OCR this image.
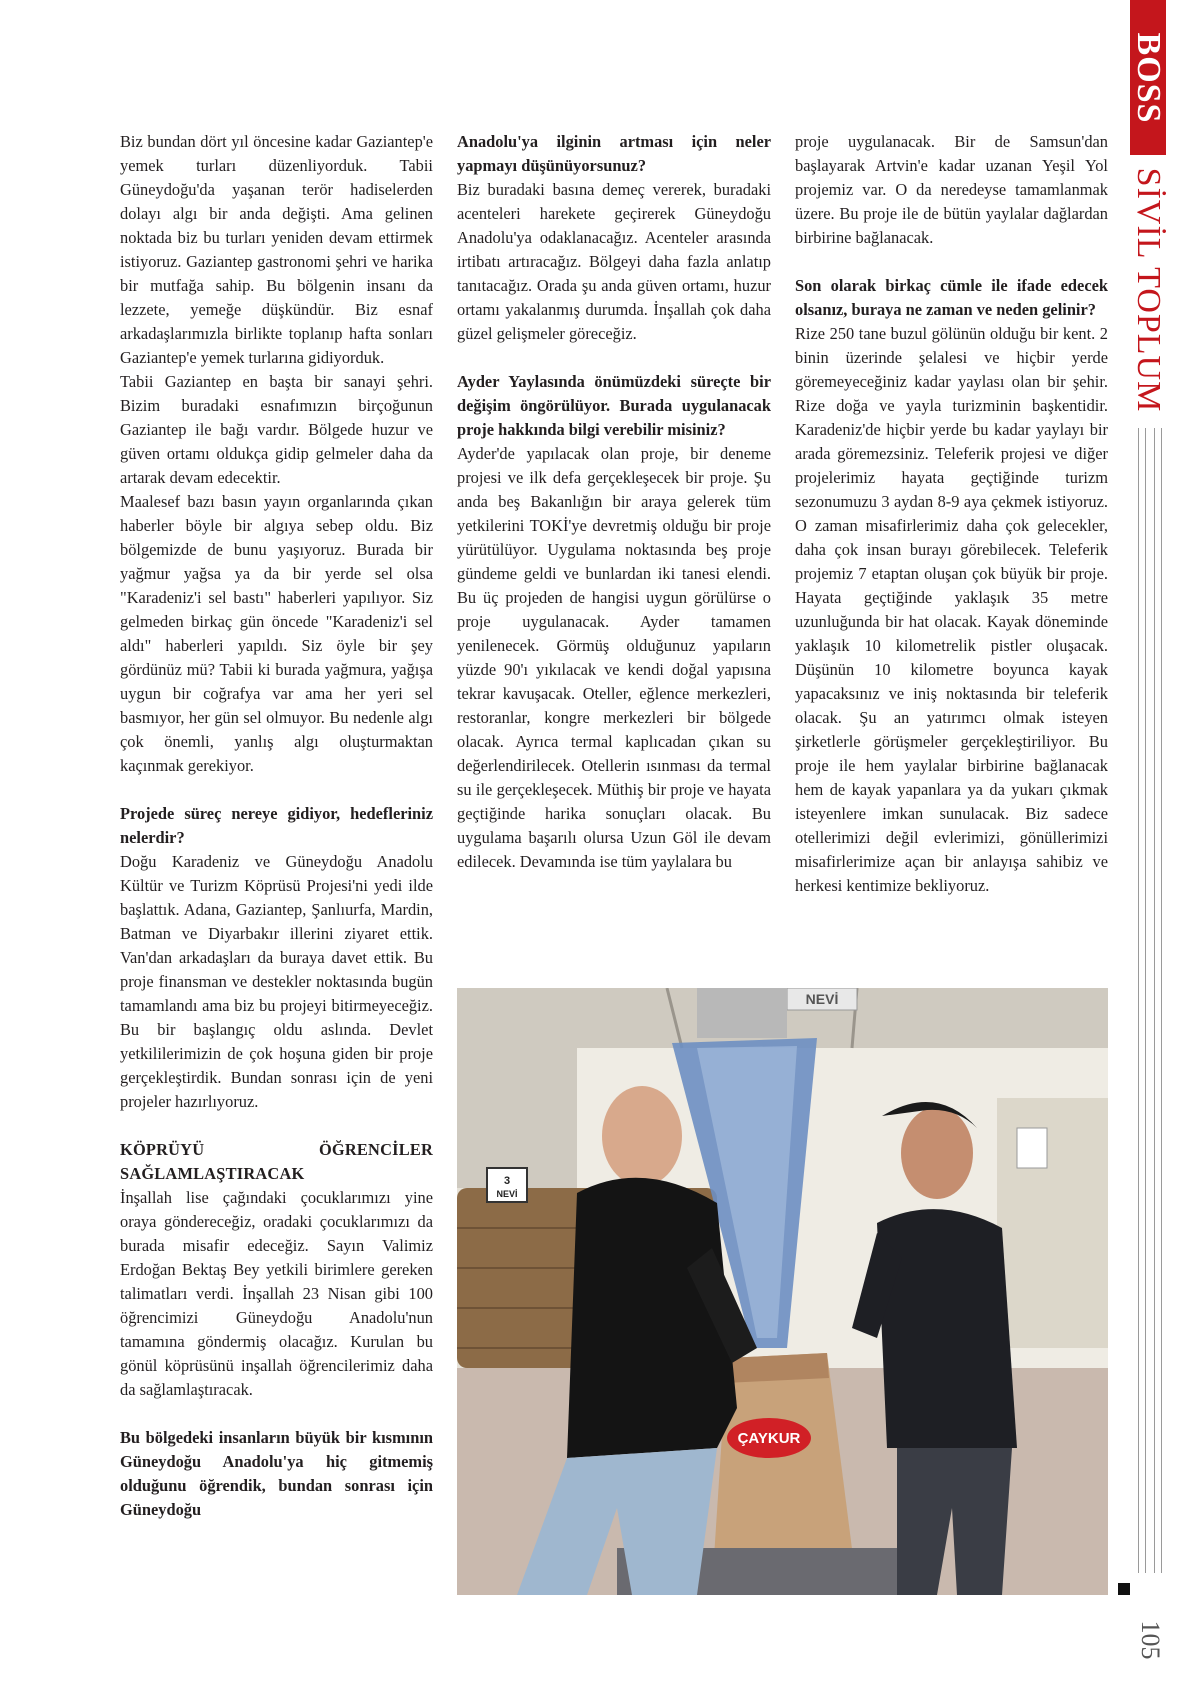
BOSS
SİVİL TOPLUM
105

Biz bundan dört yıl öncesine kadar Gaziantep'e yemek turları düzenliyorduk. Tabii Güneydoğu'da yaşanan terör hadiselerden dolayı algı bir anda değişti. Ama gelinen noktada biz bu turları yeniden devam ettirmek istiyoruz. Gaziantep gastronomi şehri ve harika bir mutfağa sahip. Bu bölgenin insanı da lezzete, yemeğe düşkündür. Biz esnaf arkadaşlarımızla birlikte toplanıp hafta sonları Gaziantep'e yemek turlarına gidiyorduk.

Tabii Gaziantep en başta bir sanayi şehri. Bizim buradaki esnafımızın birçoğunun Gaziantep ile bağı vardır. Bölgede huzur ve güven ortamı oldukça gidip gelmeler daha da artarak devam edecektir.

Maalesef bazı basın yayın organlarında çıkan haberler böyle bir algıya sebep oldu. Biz bölgemizde de bunu yaşıyoruz. Burada bir yağmur yağsa ya da bir yerde sel olsa "Karadeniz'i sel bastı" haberleri yapılıyor. Siz gelmeden birkaç gün öncede "Karadeniz'i sel aldı" haberleri yapıldı. Siz öyle bir şey gördünüz mü? Tabii ki burada yağmura, yağışa uygun bir coğrafya var ama her yeri sel basmıyor, her gün sel olmuyor. Bu nedenle algı çok önemli, yanlış algı oluşturmaktan kaçınmak gerekiyor.

Projede süreç nereye gidiyor, hedefleriniz nelerdir?

Doğu Karadeniz ve Güneydoğu Anadolu Kültür ve Turizm Köprüsü Projesi'ni yedi ilde başlattık. Adana, Gaziantep, Şanlıurfa, Mardin, Batman ve Diyarbakır illerini ziyaret ettik. Van'dan arkadaşları da buraya davet ettik. Bu proje finansman ve destekler noktasında bugün tamamlandı ama biz bu projeyi bitirmeyeceğiz. Bu bir başlangıç oldu aslında. Devlet yetkililerimizin de çok hoşuna giden bir proje gerçekleştirdik. Bundan sonrası için de yeni projeler hazırlıyoruz.

KÖPRÜYÜ ÖĞRENCİLER SAĞLAMLAŞTIRACAK

İnşallah lise çağındaki çocuklarımızı yine oraya göndereceğiz, oradaki çocuklarımızı da burada misafir edeceğiz. Sayın Valimiz Erdoğan Bektaş Bey yetkili birimlere gereken talimatları verdi. İnşallah 23 Nisan gibi 100 öğrencimizi Güneydoğu Anadolu'nun tamamına göndermiş olacağız. Kurulan bu gönül köprüsünü inşallah öğrencilerimiz daha da sağlamlaştıracak.

Bu bölgedeki insanların büyük bir kısmının Güneydoğu Anadolu'ya hiç gitmemiş olduğunu öğrendik, bundan sonrası için Güneydoğu
Anadolu'ya ilginin artması için neler yapmayı düşünüyorsunuz?

Biz buradaki basına demeç vererek, buradaki acenteleri harekete geçirerek Güneydoğu Anadolu'ya odaklanacağız. Acenteler arasında irtibatı artıracağız. Bölgeyi daha fazla anlatıp tanıtacağız. Orada şu anda güven ortamı, huzur ortamı yakalanmış durumda. İnşallah çok daha güzel gelişmeler göreceğiz.

Ayder Yaylasında önümüzdeki süreçte bir değişim öngörülüyor. Burada uygulanacak proje hakkında bilgi verebilir misiniz?

Ayder'de yapılacak olan proje, bir deneme projesi ve ilk defa gerçekleşecek bir proje. Şu anda beş Bakanlığın bir araya gelerek tüm yetkilerini TOKİ'ye devretmiş olduğu bir proje yürütülüyor. Uygulama noktasında beş proje gündeme geldi ve bunlardan iki tanesi elendi. Bu üç projeden de hangisi uygun görülürse o proje uygulanacak. Ayder tamamen yenilenecek. Görmüş olduğunuz yapıların yüzde 90'ı yıkılacak ve kendi doğal yapısına tekrar kavuşacak. Oteller, eğlence merkezleri, restoranlar, kongre merkezleri bir bölgede olacak. Ayrıca termal kaplıcadan çıkan su değerlendirilecek. Otellerin ısınması da termal su ile gerçekleşecek. Müthiş bir proje ve hayata geçtiğinde harika sonuçları olacak. Bu uygulama başarılı olursa Uzun Göl ile devam edilecek. Devamında ise tüm yaylalara bu

proje uygulanacak. Bir de Samsun'dan başlayarak Artvin'e kadar uzanan Yeşil Yol projemiz var. O da neredeyse tamamlanmak üzere. Bu proje ile de bütün yaylalar dağlardan birbirine bağlanacak.

Son olarak birkaç cümle ile ifade edecek olsanız, buraya ne zaman ve neden gelinir?

Rize 250 tane buzul gölünün olduğu bir kent. 2 binin üzerinde şelalesi ve hiçbir yerde göremeyeceğiniz kadar yaylası olan bir şehir. Rize doğa ve yayla turizminin başkentidir. Karadeniz'de hiçbir yerde bu kadar yaylayı bir arada göremezsiniz. Teleferik projesi ve diğer projelerimiz hayata geçtiğinde turizm sezonumuzu 3 aydan 8-9 aya çekmek istiyoruz. O zaman misafirlerimiz daha çok gelecekler, daha çok insan burayı görebilecek. Teleferik projemiz 7 etaptan oluşan çok büyük bir proje. Hayata geçtiğinde yaklaşık 35 metre uzunluğunda bir hat olacak. Kayak döneminde yaklaşık 10 kilometrelik pistler oluşacak. Düşünün 10 kilometre boyunca kayak yapacaksınız ve iniş noktasında bir teleferik olacak. Şu an yatırımcı olmak isteyen şirketlerle görüşmeler gerçekleştiriliyor. Bu proje ile hem yaylalar birbirine bağlanacak hem de kayak yapanlara ya da yukarı çıkmak isteyenlere imkan sunulacak. Biz sadece otellerimizi değil evlerimizi, gönüllerimizi misafirlerimize açan bir anlayışa sahibiz ve herkesi kentimize bekliyoruz.

3
NEVİ
NEVİ
ÇAYKUR
